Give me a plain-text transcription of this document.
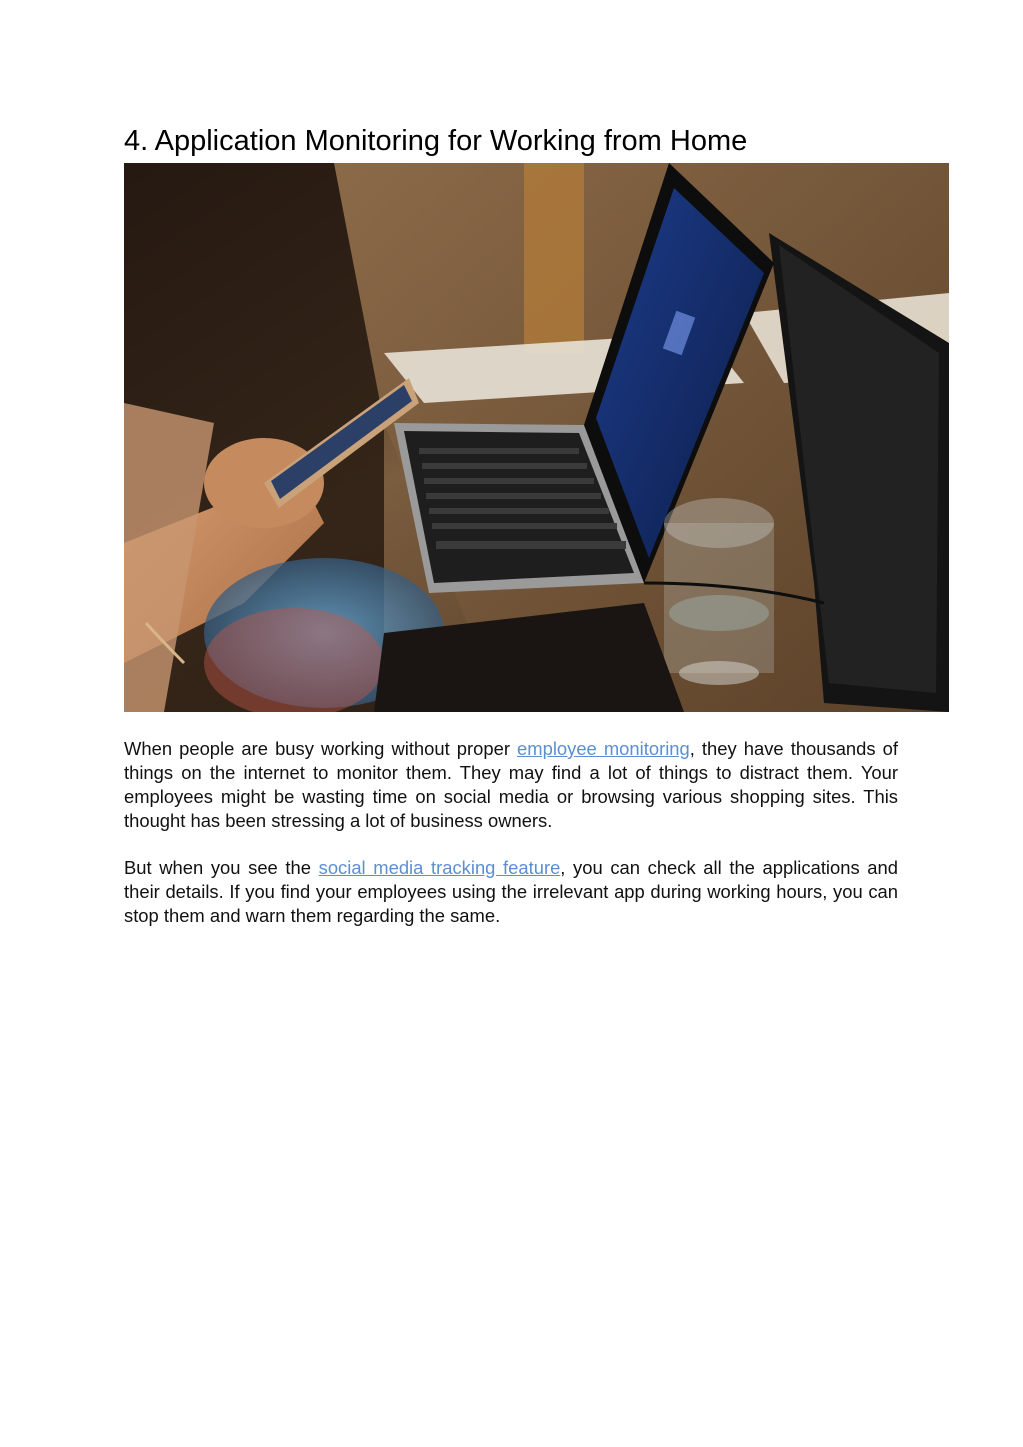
4. Application Monitoring for Working from Home

When people are busy working without proper employee monitoring, they have thousands of things on the internet to monitor them. They may find a lot of things to distract them. Your employees might be wasting time on social media or browsing various shopping sites. This thought has been stressing a lot of business owners.

But when you see the social media tracking feature, you can check all the applications and their details. If you find your employees using the irrelevant app during working hours, you can stop them and warn them regarding the same.
